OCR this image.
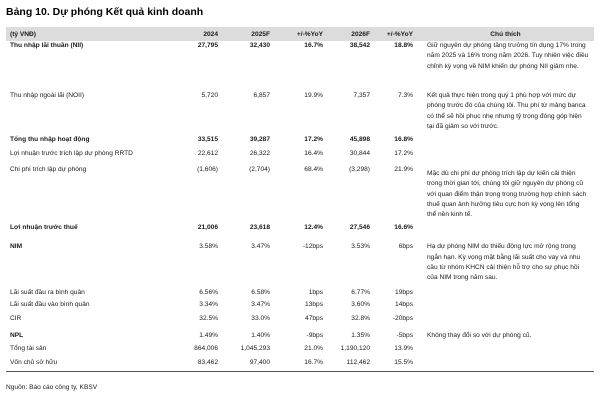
Bảng 10. Dự phóng Kết quả kinh doanh
(tỷ VNĐ)	2024	2025F	+/-%YoY	2026F	+/-%YoY	Chú thích
Thu nhập lãi thuần (NII)	27,795	32,430	16.7%	38,542	18.8%	Giữ nguyên dự phóng tăng trưởng tín dụng 17% trong năm 2025 và 16% trong năm 2026. Tuy nhiên việc điều chỉnh kỳ vọng về NIM khiến dự phóng NII giảm nhẹ.
Thu nhập ngoài lãi (NOII)	5,720	6,857	19.9%	7,357	7.3%	Kết quả thực hiện trong quý 1 phù hợp với mức dự phóng trước đó của chúng tôi. Thu phí từ mảng banca có thể sẽ hồi phục nhẹ nhưng tỷ trọng đóng góp hiện tại đã giảm so với trước.
Tổng thu nhập hoạt động	33,515	39,287	17.2%	45,898	16.8%	
Lợi nhuận trước trích lập dự phòng RRTD	22,612	26,322	16.4%	30,844	17.2%	
Chi phí trích lập dự phòng	(1,606)	(2,704)	68.4%	(3,298)	21.9%	Mặc dù chi phí dự phòng trích lập dự kiến cải thiện trong thời gian tới, chúng tôi giữ nguyên dự phóng cũ với quan điểm thận trọng trong trường hợp chính sách thuế quan ảnh hưởng tiêu cực hơn kỳ vọng lên tổng thể nền kinh tế.
Lợi nhuận trước thuế	21,006	23,618	12.4%	27,546	16.6%	
NIM	3.58%	3.47%	-12bps	3.53%	6bps	Hạ dự phóng NIM do thiếu động lực mở rộng trong ngắn hạn. Kỳ vọng mặt bằng lãi suất cho vay và nhu cầu từ nhóm KHCN cải thiện hỗ trợ cho sự phục hồi của NIM trong năm sau.
Lãi suất đầu ra bình quân	6.56%	6.58%	1bps	6.77%	19bps	
Lãi suất đầu vào bình quân	3.34%	3.47%	13bps	3.60%	14bps	
CIR	32.5%	33.0%	47bps	32.8%	-20bps	
NPL	1.49%	1.40%	-9bps	1.35%	-5bps	Không thay đổi so với dự phóng cũ.
Tổng tài sản	864,006	1,045,293	21.0%	1,190,120	13.9%	
Vốn chủ sở hữu	83,462	97,400	16.7%	112,462	15.5%	
Nguồn: Báo cáo công ty, KBSV
